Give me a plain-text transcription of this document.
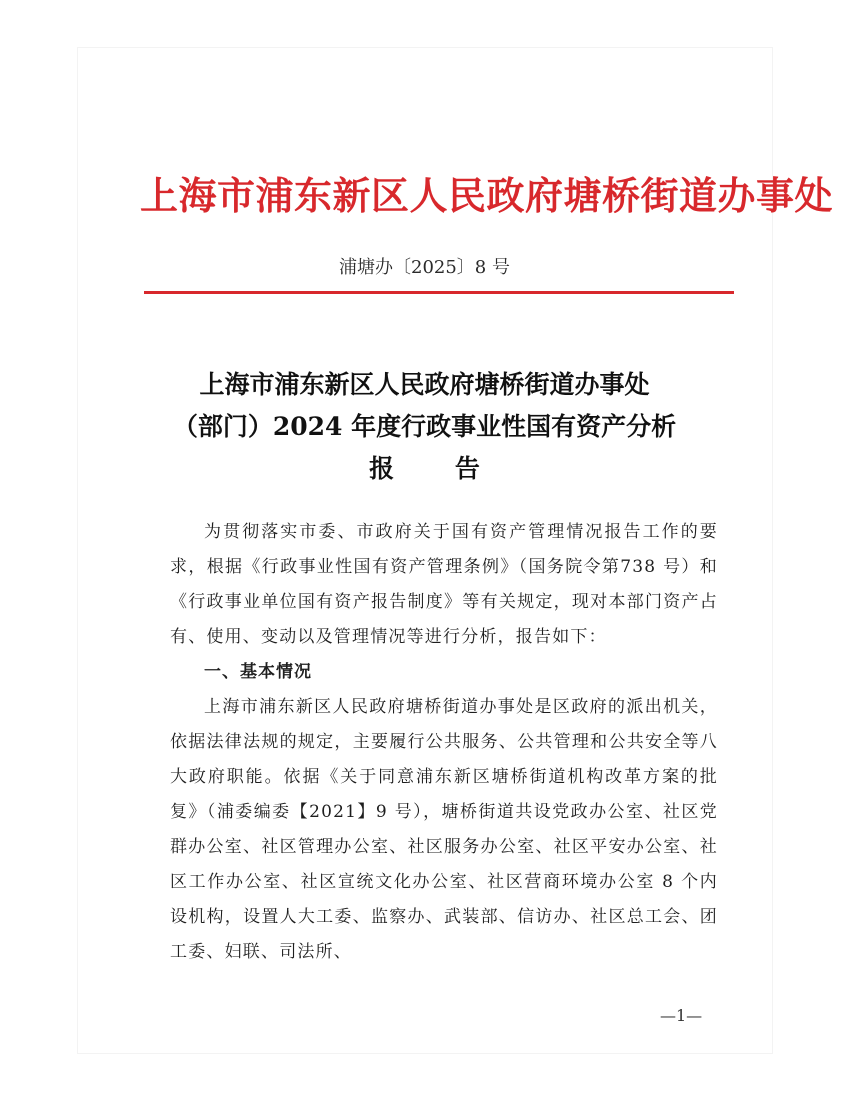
上海市浦东新区人民政府塘桥街道办事处

浦塘办〔2025〕8 号

上海市浦东新区人民政府塘桥街道办事处
（部门）2024 年度行政事业性国有资产分析
报 告

为贯彻落实市委、市政府关于国有资产管理情况报告工作的要求，根据《行政事业性国有资产管理条例》（国务院令第738 号）和《行政事业单位国有资产报告制度》等有关规定，现对本部门资产占有、使用、变动以及管理情况等进行分析，报告如下：

一、基本情况

上海市浦东新区人民政府塘桥街道办事处是区政府的派出机关，依据法律法规的规定，主要履行公共服务、公共管理和公共安全等八大政府职能。依据《关于同意浦东新区塘桥街道机构改革方案的批复》（浦委编委【2021】9 号），塘桥街道共设党政办公室、社区党群办公室、社区管理办公室、社区服务办公室、社区平安办公室、社区工作办公室、社区宣统文化办公室、社区营商环境办公室 8 个内设机构，设置人大工委、监察办、武装部、信访办、社区总工会、团工委、妇联、司法所、

—1—
